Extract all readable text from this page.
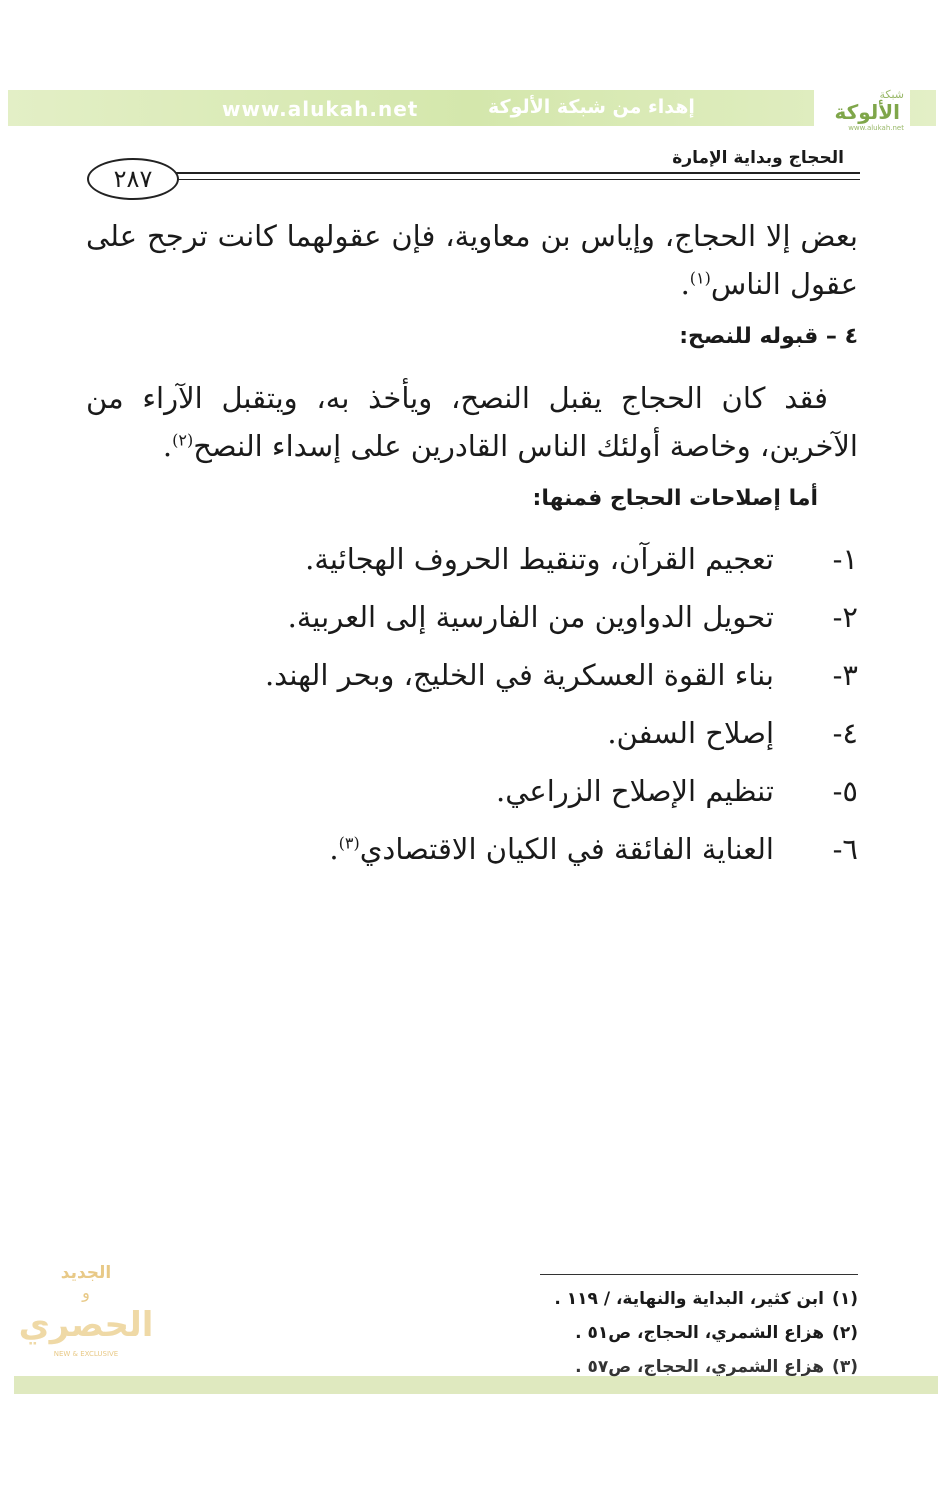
www.alukah.net	إهداء من شبكة الألوكة
شبكة
الألوكة
www.alukah.net
الحجاج وبداية الإمارة
٢٨٧
بعض إلا الحجاج، وإياس بن معاوية، فإن عقولهما كانت ترجح على عقول الناس$^{(١)}$.
٤ – قبوله للنصح:
فقد كان الحجاج يقبل النصح، ويأخذ به، ويتقبل الآراء من الآخرين، وخاصة أولئك الناس القادرين على إسداء النصح$^{(٢)}$.
أما إصلاحات الحجاج فمنها:
١-تعجيم القرآن، وتنقيط الحروف الهجائية.
٢-تحويل الدواوين من الفارسية إلى العربية.
٣-بناء القوة العسكرية في الخليج، وبحر الهند.
٤-إصلاح السفن.
٥-تنظيم الإصلاح الزراعي.
٦-العناية الفائقة في الكيان الاقتصادي$^{(٣)}$.
الجديد
و
الحصري
NEW & EXCLUSIVE
(١)ابن كثير، البداية والنهاية، / ١١٩ .
(٢)هزاع الشمري، الحجاج، ص٥١ .
(٣)هزاع الشمري، الحجاج، ص٥٧ .
